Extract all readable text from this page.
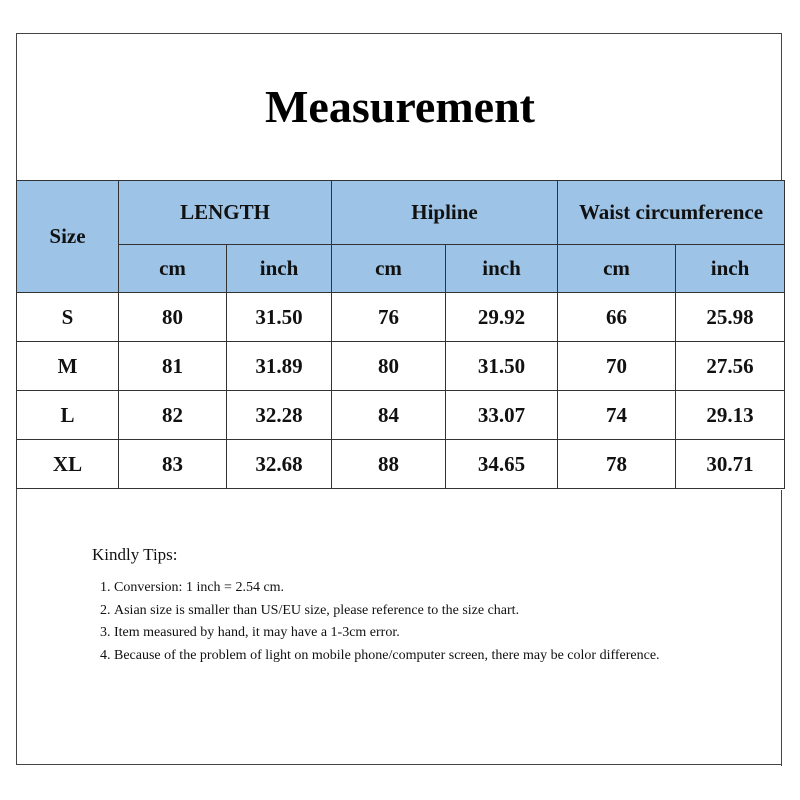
Measurement
Size	LENGTH		Hipline		Waist circumference	
	cm	inch	cm	inch	cm	inch
S	80	31.50	76	29.92	66	25.98
M	81	31.89	80	31.50	70	27.56
L	82	32.28	84	33.07	74	29.13
XL	83	32.68	88	34.65	78	30.71
Kindly Tips:
1. Conversion: 1 inch = 2.54 cm.
2. Asian size is smaller than US/EU size, please reference to the size chart.
3. Item measured by hand, it may have a 1-3cm error.
4. Because of the problem of light on mobile phone/computer screen, there may be color difference.
